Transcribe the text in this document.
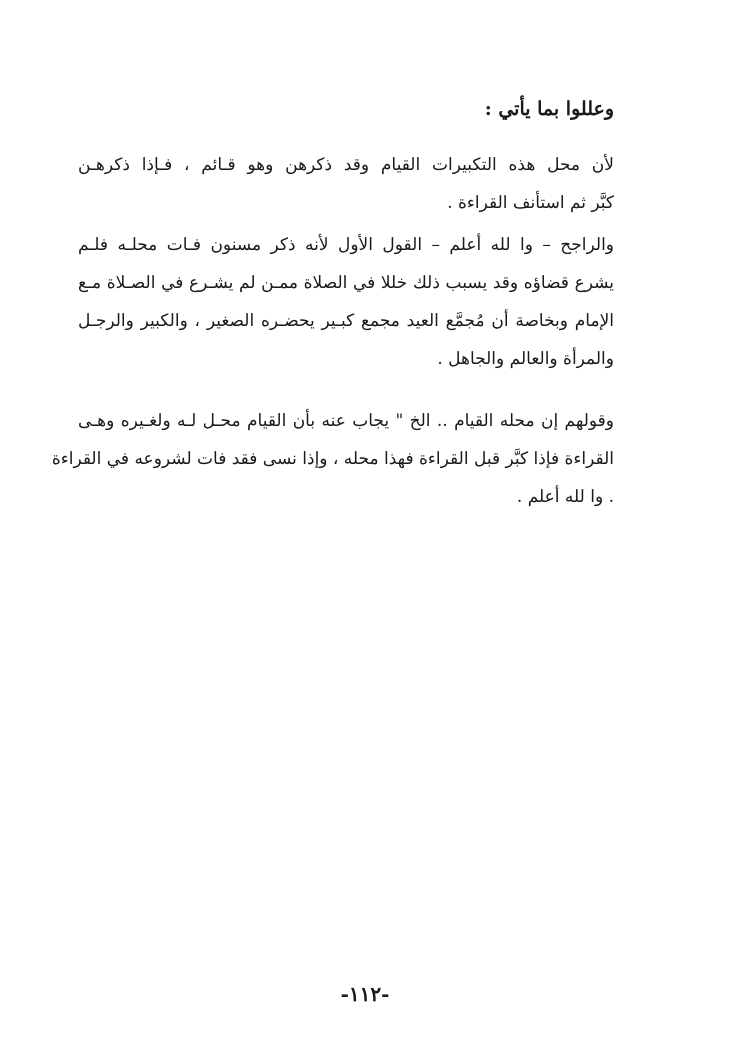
وعللوا بما يأتي :
لأن محل هذه التكبيرات القيام وقد ذكرهن وهو قـائم ، فـإذا ذكرهـن
كبَّر ثم استأنف القراءة .
والراجح – وا لله أعلم – القول الأول لأنه ذكر مسنون فـات محلـه فلـم
يشرع قضاؤه وقد يسبب ذلك خللا في الصلاة ممـن لم يشـرع في الصـلاة مـع
الإمام وبخاصة أن مُجمَّع العيد مجمع كبـير يحضـره الصغير ، والكبير والرجـل
والمرأة والعالم والجاهل .
وقولهم إن محله القيام .. الخ " يجاب عنه بأن القيام محـل لـه ولغـيره وهـى
القراءة فإذا كبَّر قبل القراءة فهذا محله ، وإذا نسى فقد فات لشروعه في القراءة
. وا لله أعلم .
-١١٢-
